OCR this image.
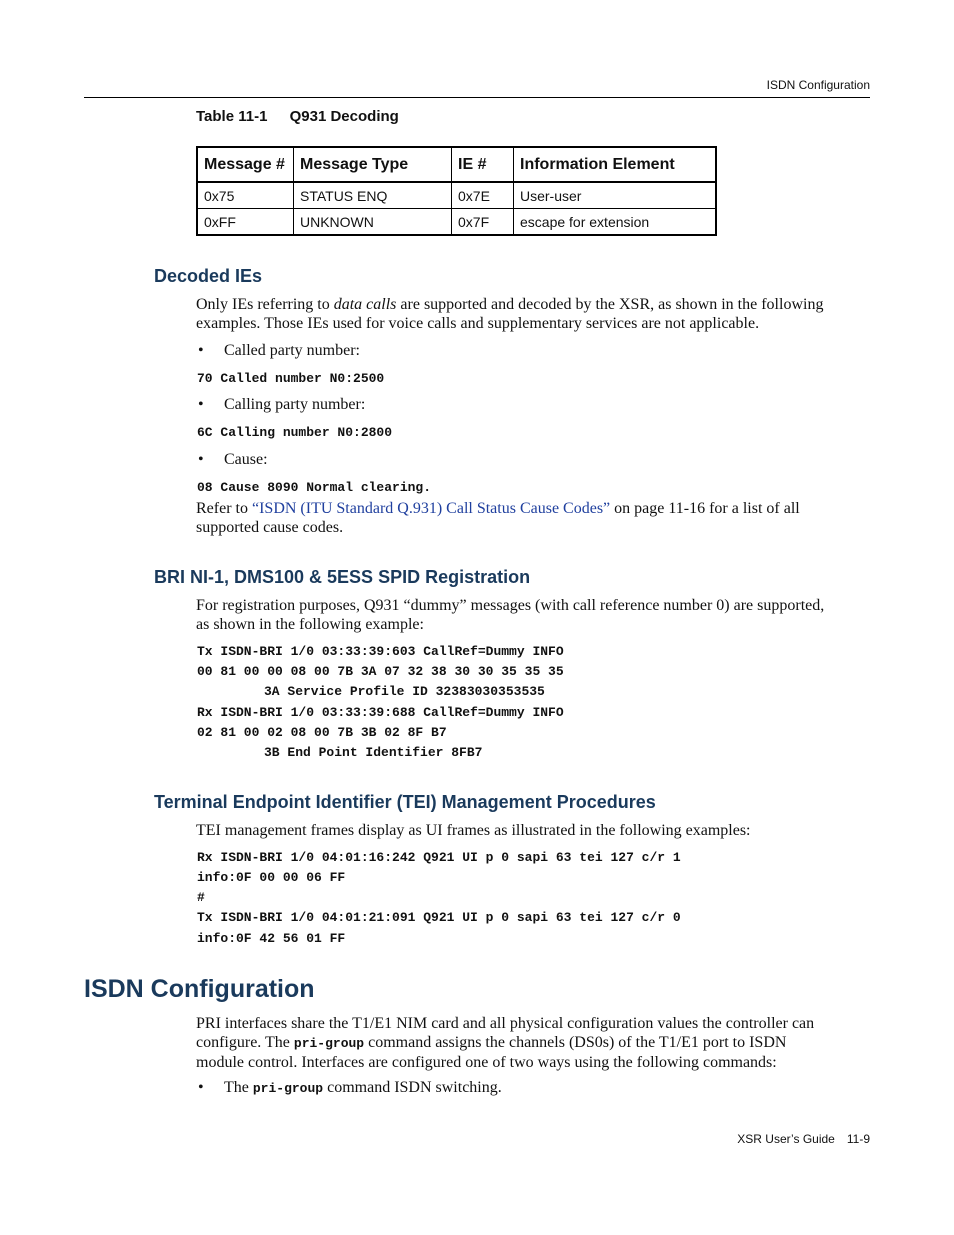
ISDN Configuration
Table 11-1 Q931 Decoding
Message #	Message Type	IE #	Information Element
0x75	STATUS ENQ	0x7E	User-user
0xFF	UNKNOWN	0x7F	escape for extension
Decoded IEs
Only IEs referring to data calls are supported and decoded by the XSR, as shown in the following
examples. Those IEs used for voice calls and supplementary services are not applicable.
• Called party number:
70 Called number N0:2500
• Calling party number:
6C Calling number N0:2800
• Cause:
08 Cause 8090 Normal clearing.
Refer to “ISDN (ITU Standard Q.931) Call Status Cause Codes” on page 11-16 for a list of all
supported cause codes.
BRI NI-1, DMS100 & 5ESS SPID Registration
For registration purposes, Q931 “dummy” messages (with call reference number 0) are supported,
as shown in the following example:
Tx ISDN-BRI 1/0 03:33:39:603 CallRef=Dummy INFO
00 81 00 00 08 00 7B 3A 07 32 38 30 30 35 35 35
3A Service Profile ID 32383030353535
Rx ISDN-BRI 1/0 03:33:39:688 CallRef=Dummy INFO
02 81 00 02 08 00 7B 3B 02 8F B7
3B End Point Identifier 8FB7
Terminal Endpoint Identifier (TEI) Management Procedures
TEI management frames display as UI frames as illustrated in the following examples:
Rx ISDN-BRI 1/0 04:01:16:242 Q921 UI p 0 sapi 63 tei 127 c/r 1
info:0F 00 00 06 FF
#
Tx ISDN-BRI 1/0 04:01:21:091 Q921 UI p 0 sapi 63 tei 127 c/r 0
info:0F 42 56 01 FF
ISDN Configuration
PRI interfaces share the T1/E1 NIM card and all physical configuration values the controller can
configure. The pri-group command assigns the channels (DS0s) of the T1/E1 port to ISDN
module control. Interfaces are configured one of two ways using the following commands:
• The pri-group command ISDN switching.
XSR User’s Guide 11-9
